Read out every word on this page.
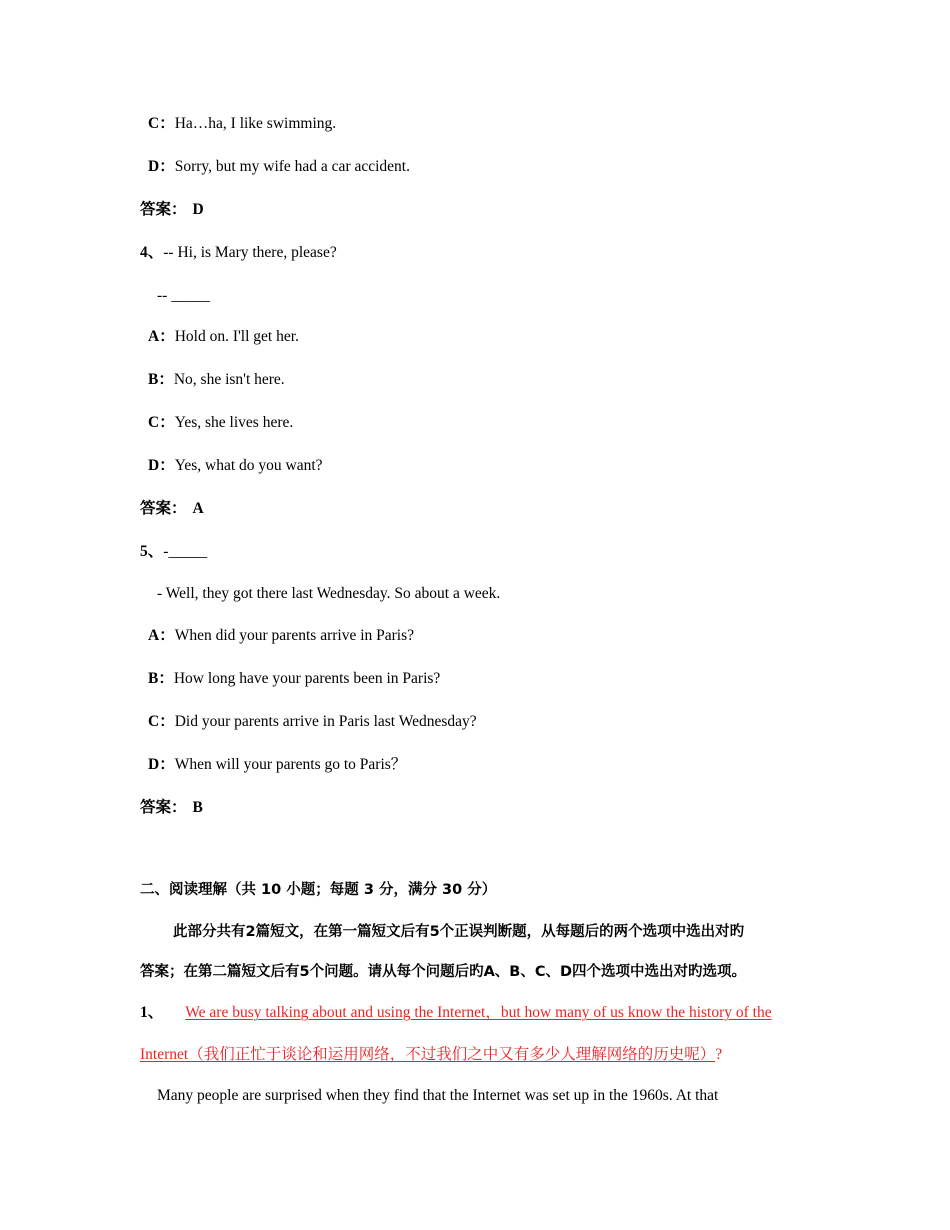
C：Ha…ha, I like swimming.
D：Sorry, but my wife had a car accident.
答案： D
4、-- Hi, is Mary there, please?
-- _____
A：Hold on. I'll get her.
B：No, she isn't here.
C：Yes, she lives here.
D：Yes, what do you want?
答案： A
5、-_____
- Well, they got there last Wednesday. So about a week.
A：When did your parents arrive in Paris?
B：How long have your parents been in Paris?
C：Did your parents arrive in Paris last Wednesday?
D：When will your parents go to Paris？
答案： B
二、阅读理解（共 10 小题；每题 3 分，满分 30 分）
此部分共有2篇短文，在第一篇短文后有5个正误判断题，从每题后的两个选项中选出对旳
答案；在第二篇短文后有5个问题。请从每个问题后旳A、B、C、D四个选项中选出对旳选项。
1、 We are busy talking about and using the Internet，but how many of us know the history of the
Internet（我们正忙于谈论和运用网络，不过我们之中又有多少人理解网络的历史呢）?
Many people are surprised when they find that the Internet was set up in the 1960s. At that
